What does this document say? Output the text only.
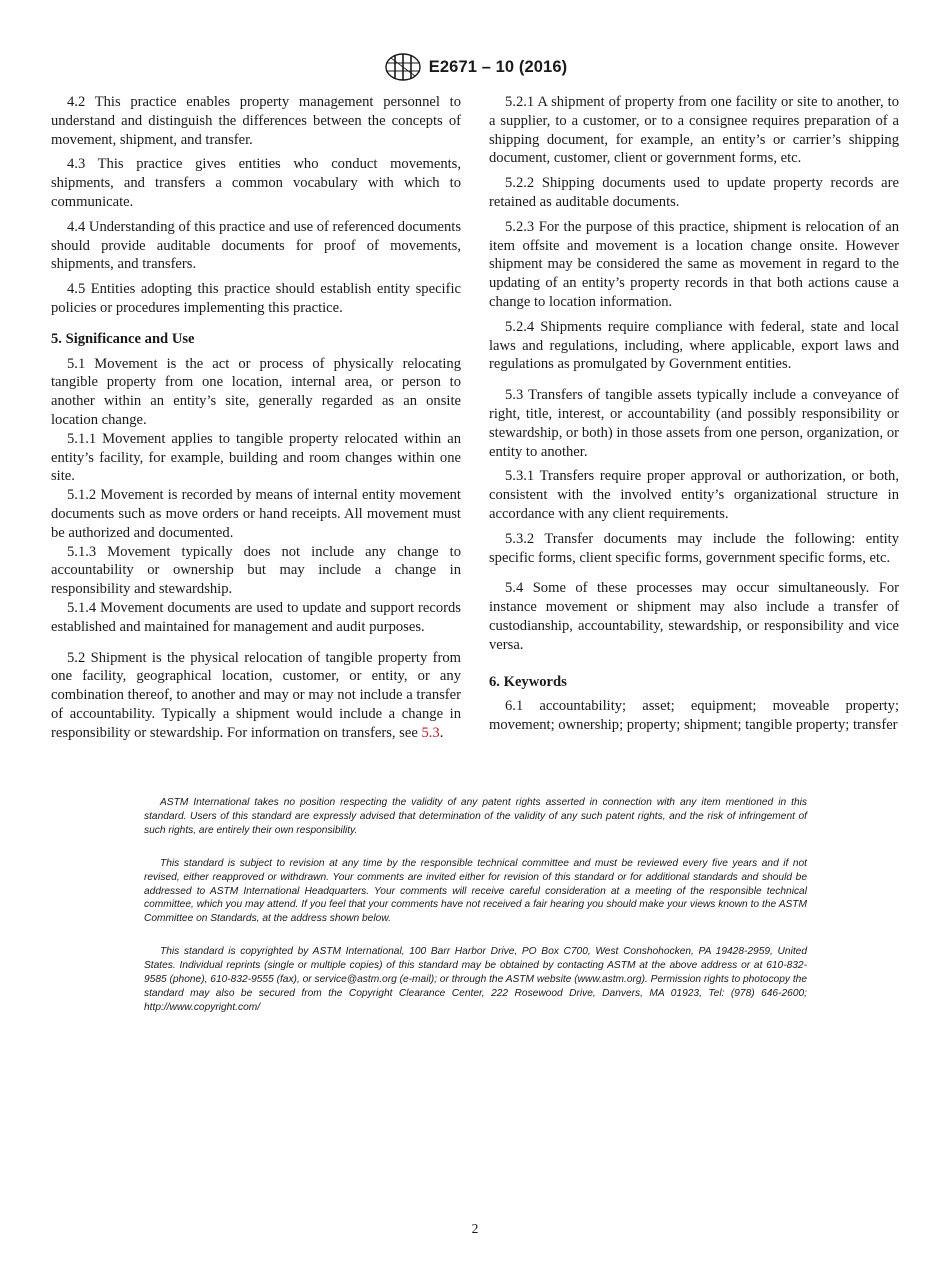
E2671 – 10 (2016)

4.2 This practice enables property management personnel to understand and distinguish the differences between the concepts of movement, shipment, and transfer.

4.3 This practice gives entities who conduct movements, shipments, and transfers a common vocabulary with which to communicate.

4.4 Understanding of this practice and use of referenced documents should provide auditable documents for proof of movements, shipments, and transfers.

4.5 Entities adopting this practice should establish entity specific policies or procedures implementing this practice.

5. Significance and Use

5.1 Movement is the act or process of physically relocating tangible property from one location, internal area, or person to another within an entity’s site, generally regarded as an onsite location change.

5.1.1 Movement applies to tangible property relocated within an entity’s facility, for example, building and room changes within one site.

5.1.2 Movement is recorded by means of internal entity movement documents such as move orders or hand receipts. All movement must be authorized and documented.

5.1.3 Movement typically does not include any change to accountability or ownership but may include a change in responsibility and stewardship.

5.1.4 Movement documents are used to update and support records established and maintained for management and audit purposes.

5.2 Shipment is the physical relocation of tangible property from one facility, geographical location, customer, or entity, or any combination thereof, to another and may or may not include a transfer of accountability. Typically a shipment would include a change in responsibility or stewardship. For information on transfers, see 5.3.

5.2.1 A shipment of property from one facility or site to another, to a supplier, to a customer, or to a consignee requires preparation of a shipping document, for example, an entity’s or carrier’s shipping document, customer, client or government forms, etc.

5.2.2 Shipping documents used to update property records are retained as auditable documents.

5.2.3 For the purpose of this practice, shipment is relocation of an item offsite and movement is a location change onsite. However shipment may be considered the same as movement in regard to the updating of an entity’s property records in that both actions cause a change to location information.

5.2.4 Shipments require compliance with federal, state and local laws and regulations, including, where applicable, export laws and regulations as promulgated by Government entities.

5.3 Transfers of tangible assets typically include a conveyance of right, title, interest, or accountability (and possibly responsibility or stewardship, or both) in those assets from one person, organization, or entity to another.

5.3.1 Transfers require proper approval or authorization, or both, consistent with the involved entity’s organizational structure in accordance with any client requirements.

5.3.2 Transfer documents may include the following: entity specific forms, client specific forms, government specific forms, etc.

5.4 Some of these processes may occur simultaneously. For instance movement or shipment may also include a transfer of custodianship, accountability, stewardship, or responsibility and vice versa.

6. Keywords

6.1 accountability; asset; equipment; moveable property; movement; ownership; property; shipment; tangible property; transfer

ASTM International takes no position respecting the validity of any patent rights asserted in connection with any item mentioned in this standard. Users of this standard are expressly advised that determination of the validity of any such patent rights, and the risk of infringement of such rights, are entirely their own responsibility.

This standard is subject to revision at any time by the responsible technical committee and must be reviewed every five years and if not revised, either reapproved or withdrawn. Your comments are invited either for revision of this standard or for additional standards and should be addressed to ASTM International Headquarters. Your comments will receive careful consideration at a meeting of the responsible technical committee, which you may attend. If you feel that your comments have not received a fair hearing you should make your views known to the ASTM Committee on Standards, at the address shown below.

This standard is copyrighted by ASTM International, 100 Barr Harbor Drive, PO Box C700, West Conshohocken, PA 19428-2959, United States. Individual reprints (single or multiple copies) of this standard may be obtained by contacting ASTM at the above address or at 610-832-9585 (phone), 610-832-9555 (fax), or service@astm.org (e-mail); or through the ASTM website (www.astm.org). Permission rights to photocopy the standard may also be secured from the Copyright Clearance Center, 222 Rosewood Drive, Danvers, MA 01923, Tel: (978) 646-2600; http://www.copyright.com/

2
